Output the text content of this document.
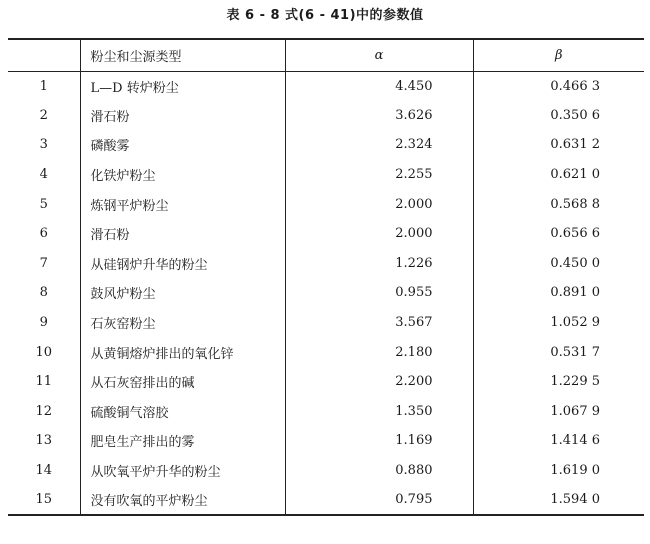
表 6 - 8 式(6 - 41)中的参数值
	粉尘和尘源类型	α	β
1	L—D 转炉粉尘	4.450	0.466 3
2	滑石粉	3.626	0.350 6
3	磷酸雾	2.324	0.631 2
4	化铁炉粉尘	2.255	0.621 0
5	炼钢平炉粉尘	2.000	0.568 8
6	滑石粉	2.000	0.656 6
7	从硅钢炉升华的粉尘	1.226	0.450 0
8	鼓风炉粉尘	0.955	0.891 0
9	石灰窑粉尘	3.567	1.052 9
10	从黄铜熔炉排出的氧化锌	2.180	0.531 7
11	从石灰窑排出的碱	2.200	1.229 5
12	硫酸铜气溶胶	1.350	1.067 9
13	肥皂生产排出的雾	1.169	1.414 6
14	从吹氧平炉升华的粉尘	0.880	1.619 0
15	没有吹氧的平炉粉尘	0.795	1.594 0
